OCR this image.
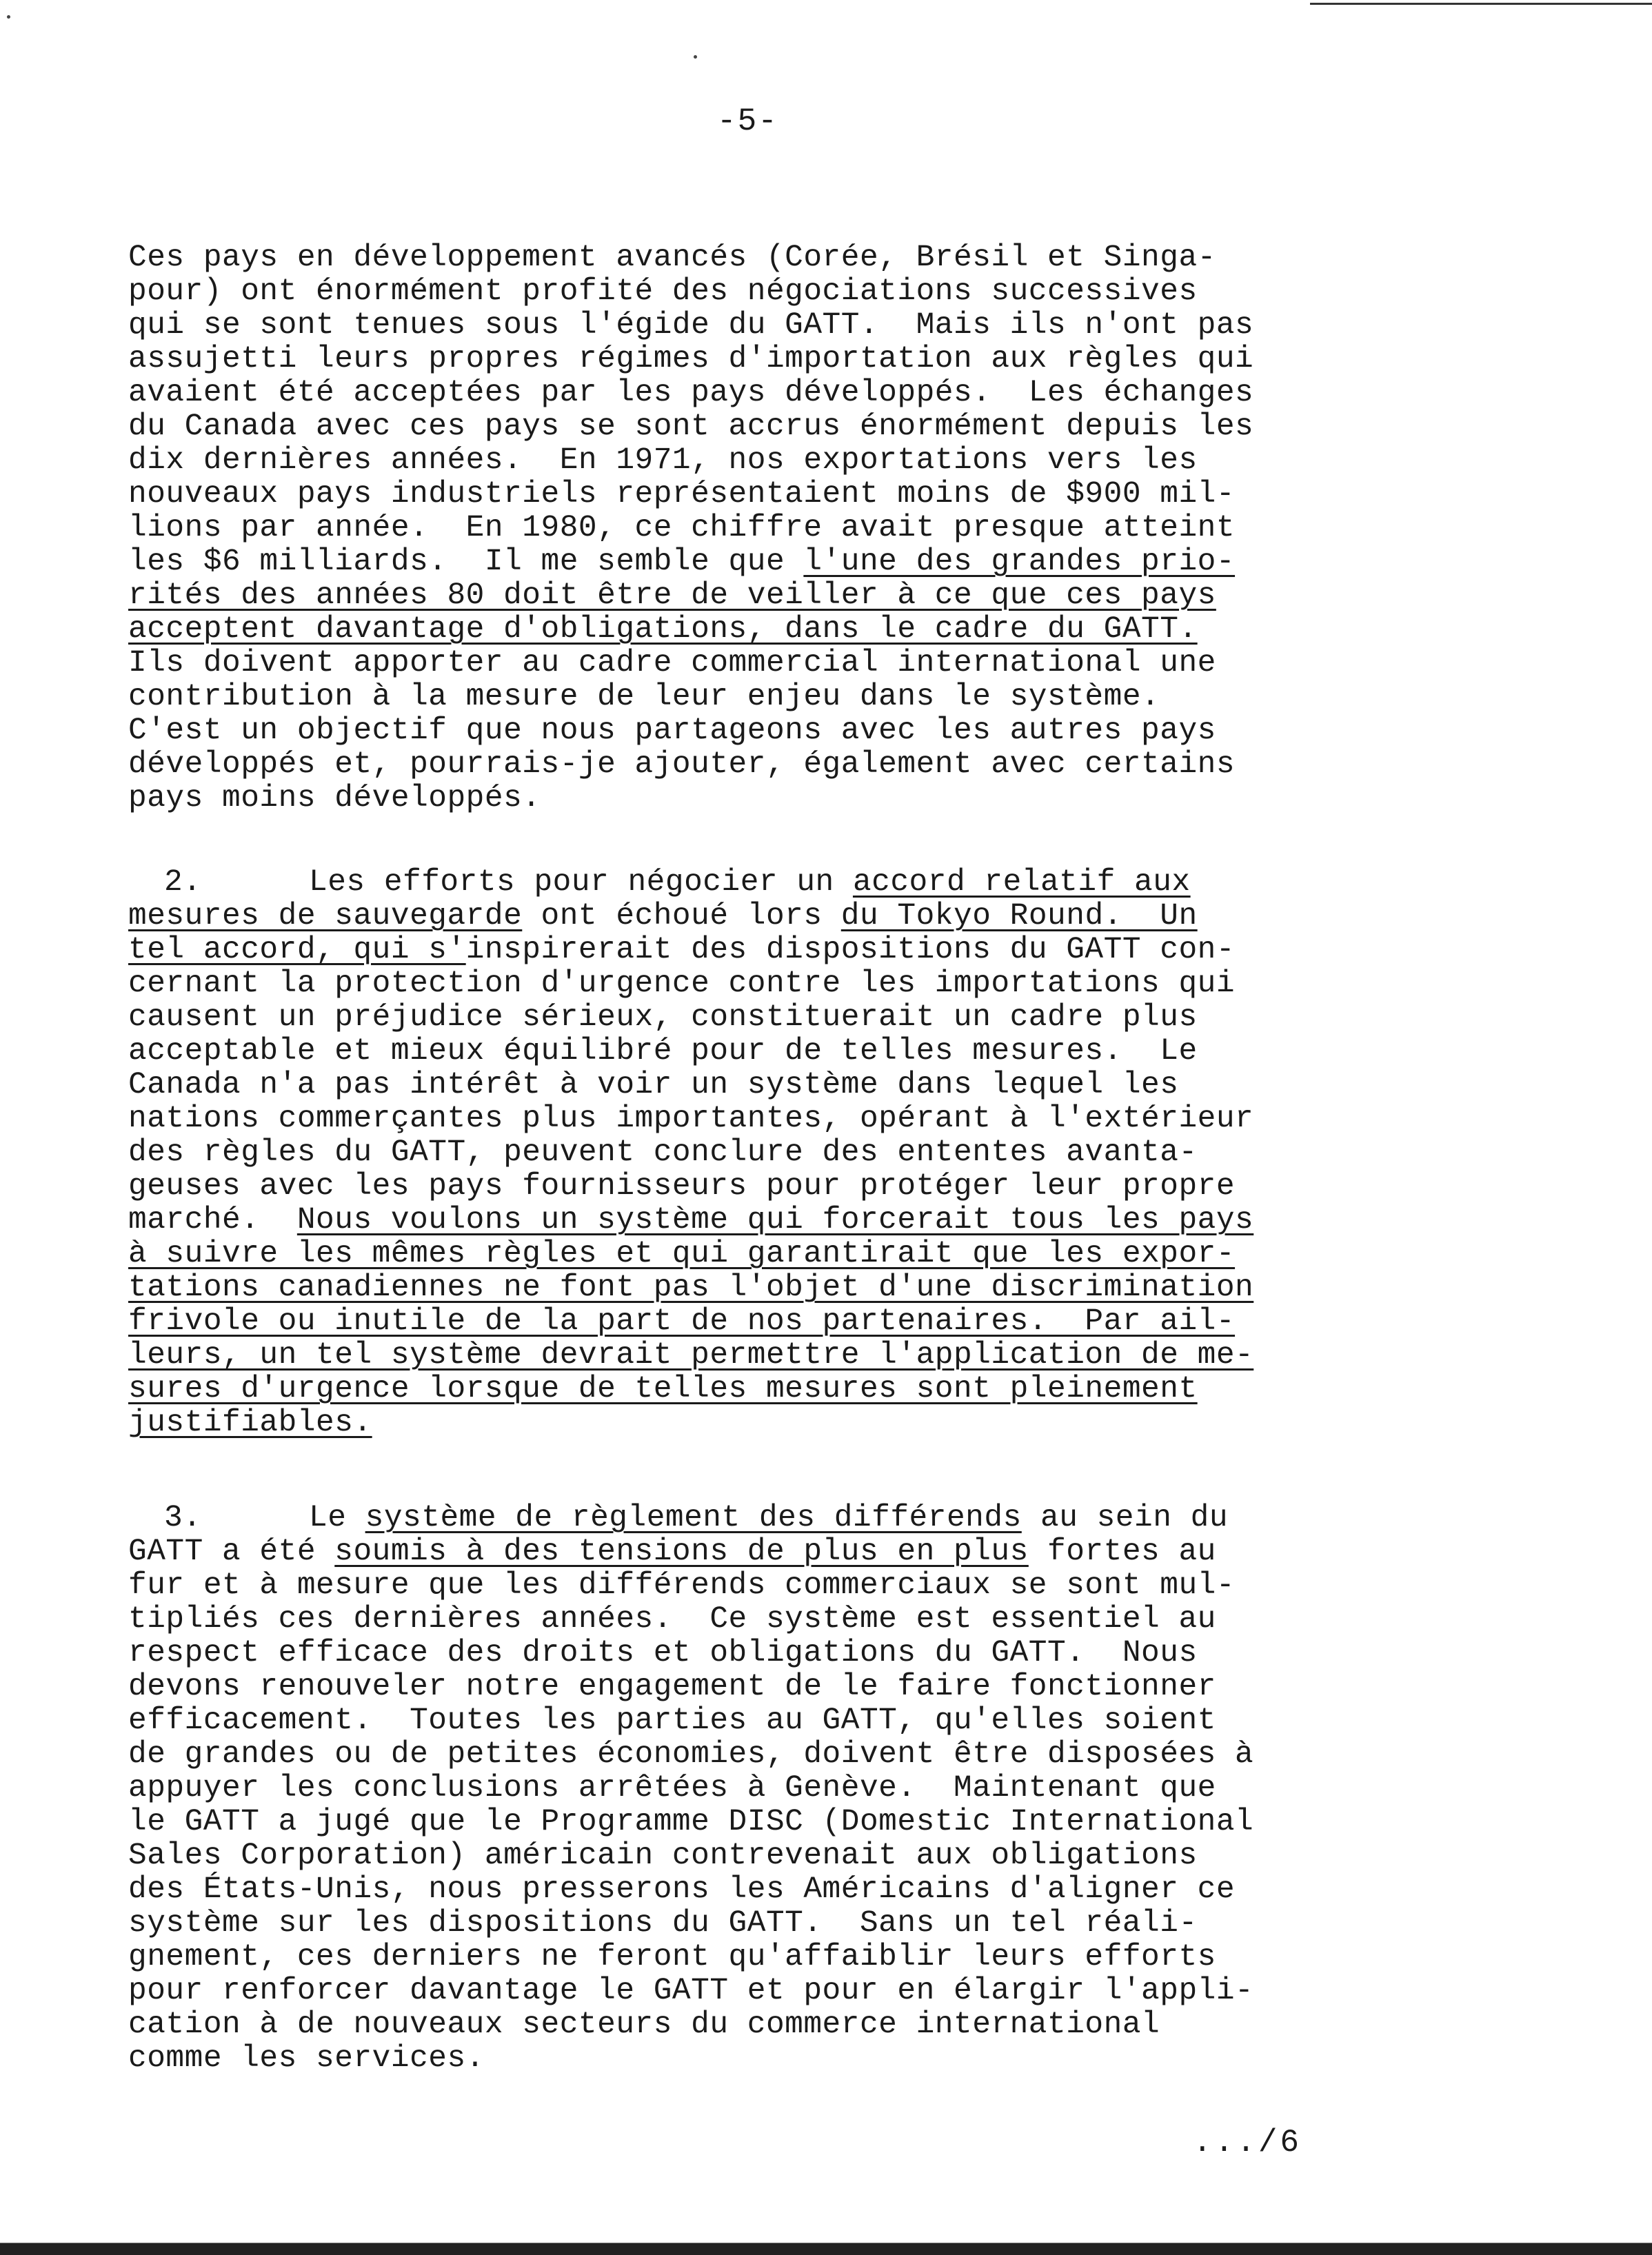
-5-
Ces pays en développement avancés (Corée, Brésil et Singa-
pour) ont énormément profité des négociations successives
qui se sont tenues sous l'égide du GATT.  Mais ils n'ont pas
assujetti leurs propres régimes d'importation aux règles qui
avaient été acceptées par les pays développés.  Les échanges
du Canada avec ces pays se sont accrus énormément depuis les
dix dernières années.  En 1971, nos exportations vers les
nouveaux pays industriels représentaient moins de $900 mil-
lions par année.  En 1980, ce chiffre avait presque atteint
les $6 milliards.  Il me semble que l'une des grandes prio-
rités des années 80 doit être de veiller à ce que ces pays
acceptent davantage d'obligations, dans le cadre du GATT.
Ils doivent apporter au cadre commercial international une
contribution à la mesure de leur enjeu dans le système.
C'est un objectif que nous partageons avec les autres pays
développés et, pourrais-je ajouter, également avec certains
pays moins développés.
2.	Les efforts pour négocier un accord relatif aux
mesures de sauvegarde ont échoué lors du Tokyo Round.  Un
tel accord, qui s'inspirerait des dispositions du GATT con-
cernant la protection d'urgence contre les importations qui
causent un préjudice sérieux, constituerait un cadre plus
acceptable et mieux équilibré pour de telles mesures.  Le
Canada n'a pas intérêt à voir un système dans lequel les
nations commerçantes plus importantes, opérant à l'extérieur
des règles du GATT, peuvent conclure des ententes avanta-
geuses avec les pays fournisseurs pour protéger leur propre
marché.  Nous voulons un système qui forcerait tous les pays
à suivre les mêmes règles et qui garantirait que les expor-
tations canadiennes ne font pas l'objet d'une discrimination
frivole ou inutile de la part de nos partenaires.  Par ail-
leurs, un tel système devrait permettre l'application de me-
sures d'urgence lorsque de telles mesures sont pleinement
justifiables.
3.	Le système de règlement des différends au sein du
GATT a été soumis à des tensions de plus en plus fortes au
fur et à mesure que les différends commerciaux se sont mul-
tipliés ces dernières années.  Ce système est essentiel au
respect efficace des droits et obligations du GATT.  Nous
devons renouveler notre engagement de le faire fonctionner
efficacement.  Toutes les parties au GATT, qu'elles soient
de grandes ou de petites économies, doivent être disposées à
appuyer les conclusions arrêtées à Genève.  Maintenant que
le GATT a jugé que le Programme DISC (Domestic International
Sales Corporation) américain contrevenait aux obligations
des États-Unis, nous presserons les Américains d'aligner ce
système sur les dispositions du GATT.  Sans un tel réali-
gnement, ces derniers ne feront qu'affaiblir leurs efforts
pour renforcer davantage le GATT et pour en élargir l'appli-
cation à de nouveaux secteurs du commerce international
comme les services.
.../6
